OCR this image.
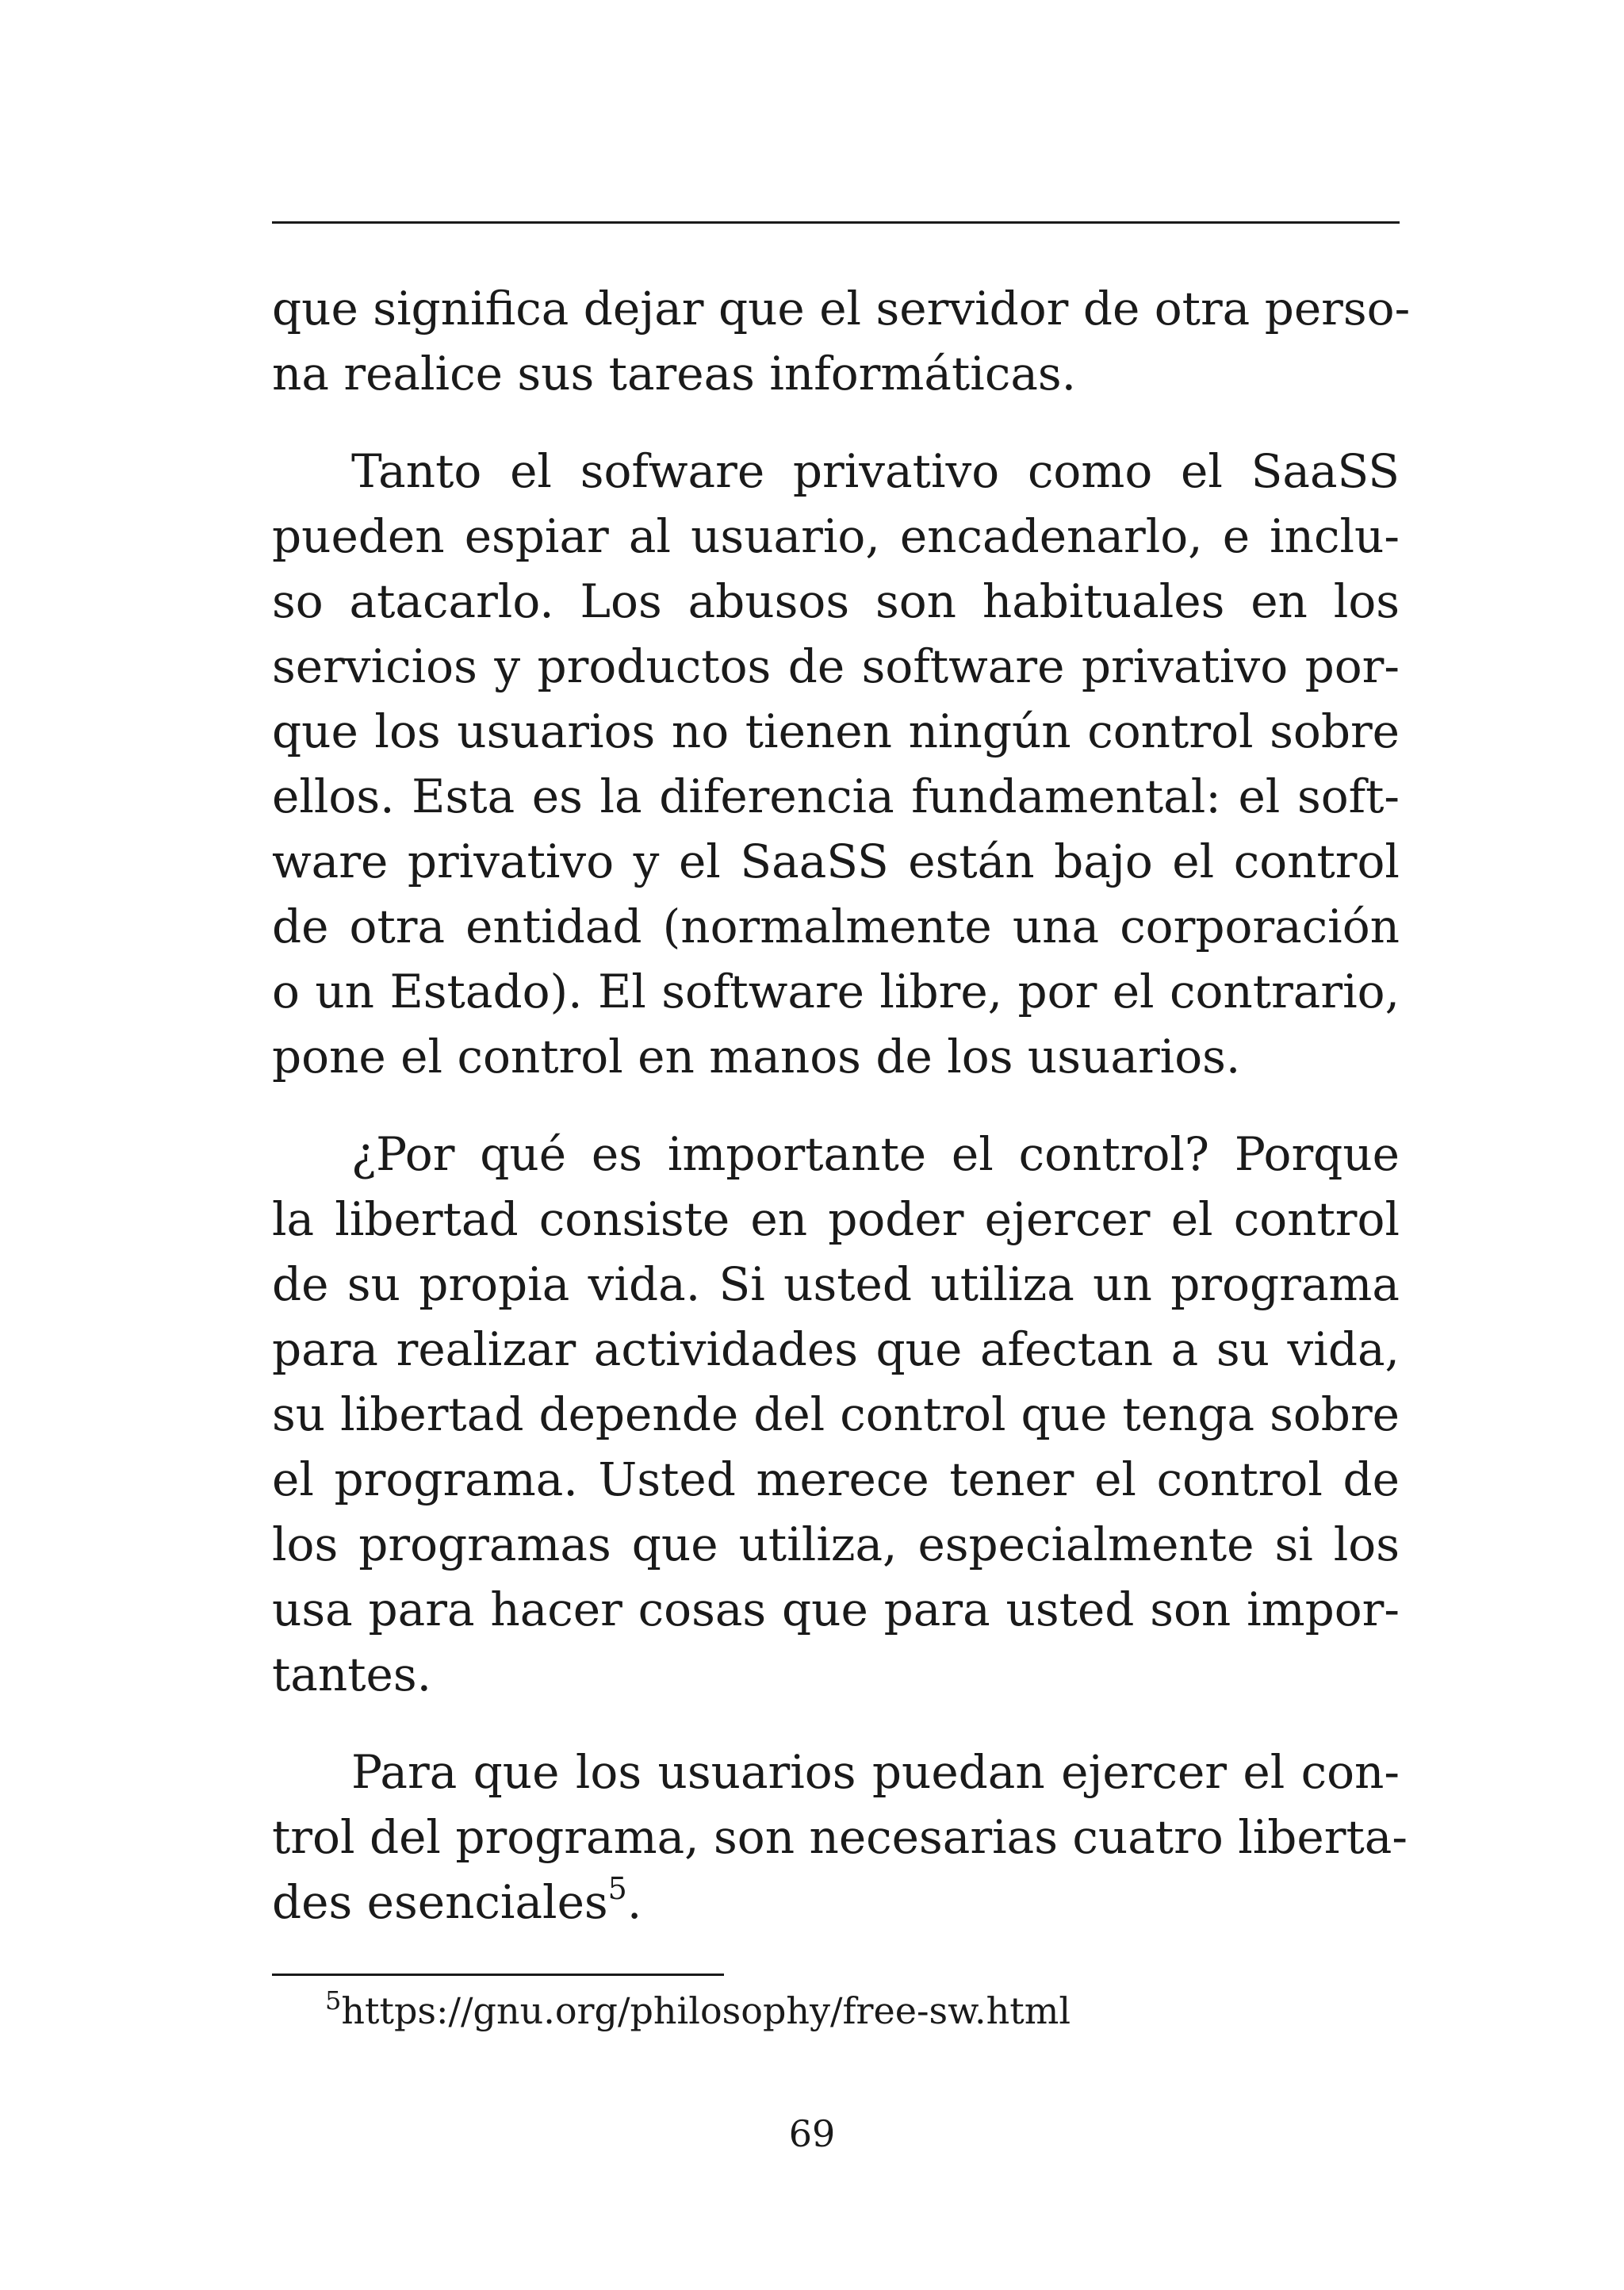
que significa dejar que el servidor de otra perso-
na realice sus tareas informáticas.
Tanto el sofware privativo como el SaaSS
pueden espiar al usuario, encadenarlo, e inclu-
so atacarlo. Los abusos son habituales en los
servicios y productos de software privativo por-
que los usuarios no tienen ningún control sobre
ellos. Esta es la diferencia fundamental: el soft-
ware privativo y el SaaSS están bajo el control
de otra entidad (normalmente una corporación
o un Estado). El software libre, por el contrario,
pone el control en manos de los usuarios.
¿Por qué es importante el control? Porque
la libertad consiste en poder ejercer el control
de su propia vida. Si usted utiliza un programa
para realizar actividades que afectan a su vida,
su libertad depende del control que tenga sobre
el programa. Usted merece tener el control de
los programas que utiliza, especialmente si los
usa para hacer cosas que para usted son impor-
tantes.
Para que los usuarios puedan ejercer el con-
trol del programa, son necesarias cuatro liberta-
des esenciales$^5$.
$^5$https://gnu.org/philosophy/free-sw.html
69
